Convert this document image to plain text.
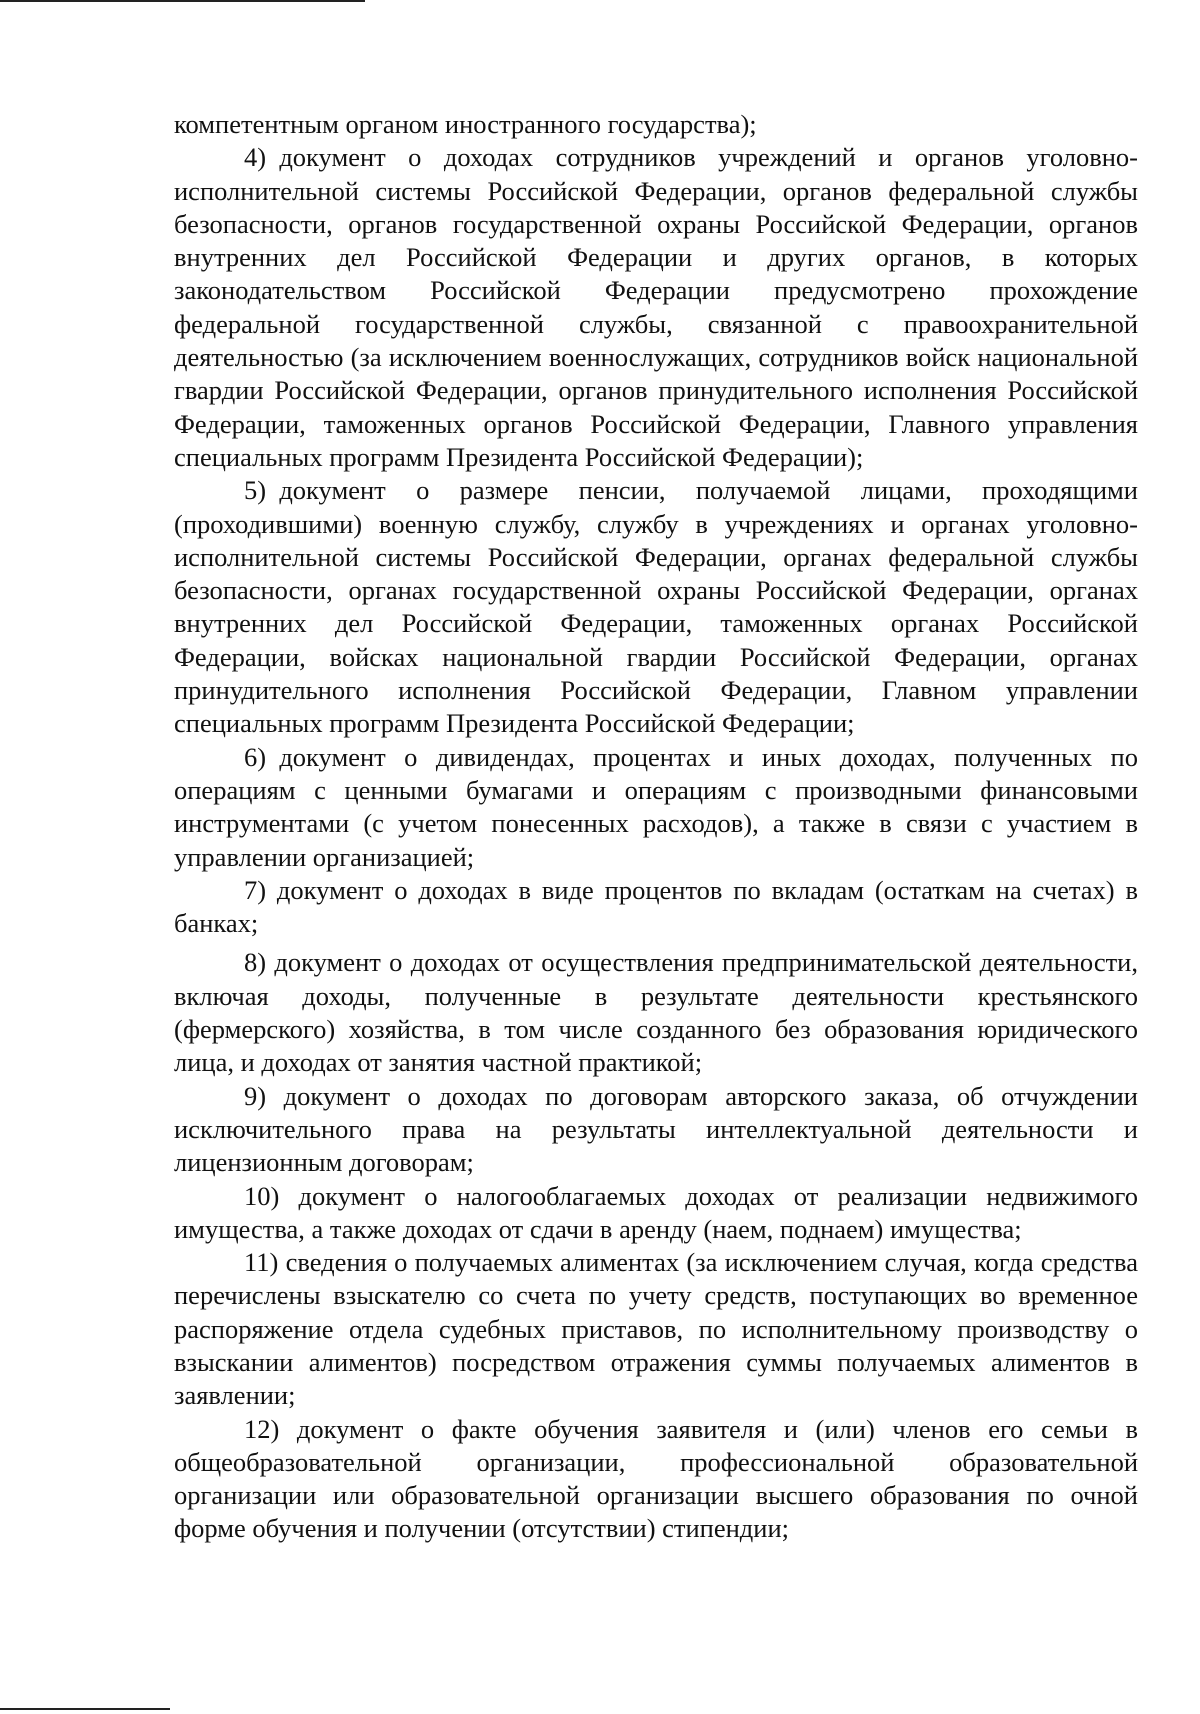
компетентным органом иностранного государства);

4) документ о доходах сотрудников учреждений и органов уголовно-исполнительной системы Российской Федерации, органов федеральной службы безопасности, органов государственной охраны Российской Федерации, органов внутренних дел Российской Федерации и других органов, в которых законодательством Российской Федерации предусмотрено прохождение федеральной государственной службы, связанной с правоохранительной деятельностью (за исключением военнослужащих, сотрудников войск национальной гвардии Российской Федерации, органов принудительного исполнения Российской Федерации, таможенных органов Российской Федерации, Главного управления специальных программ Президента Российской Федерации);

5) документ о размере пенсии, получаемой лицами, проходящими (проходившими) военную службу, службу в учреждениях и органах уголовно-исполнительной системы Российской Федерации, органах федеральной службы безопасности, органах государственной охраны Российской Федерации, органах внутренних дел Российской Федерации, таможенных органах Российской Федерации, войсках национальной гвардии Российской Федерации, органах принудительного исполнения Российской Федерации, Главном управлении специальных программ Президента Российской Федерации;

6) документ о дивидендах, процентах и иных доходах, полученных по операциям с ценными бумагами и операциям с производными финансовыми инструментами (с учетом понесенных расходов), а также в связи с участием в управлении организацией;

7) документ о доходах в виде процентов по вкладам (остаткам на счетах) в банках;

8) документ о доходах от осуществления предпринимательской деятельности, включая доходы, полученные в результате деятельности крестьянского (фермерского) хозяйства, в том числе созданного без образования юридического лица, и доходах от занятия частной практикой;

9) документ о доходах по договорам авторского заказа, об отчуждении исключительного права на результаты интеллектуальной деятельности и лицензионным договорам;

10) документ о налогооблагаемых доходах от реализации недвижимого имущества, а также доходах от сдачи в аренду (наем, поднаем) имущества;

11) сведения о получаемых алиментах (за исключением случая, когда средства перечислены взыскателю со счета по учету средств, поступающих во временное распоряжение отдела судебных приставов, по исполнительному производству о взыскании алиментов) посредством отражения суммы получаемых алиментов в заявлении;

12) документ о факте обучения заявителя и (или) членов его семьи в общеобразовательной организации, профессиональной образовательной организации или образовательной организации высшего образования по очной форме обучения и получении (отсутствии) стипендии;
